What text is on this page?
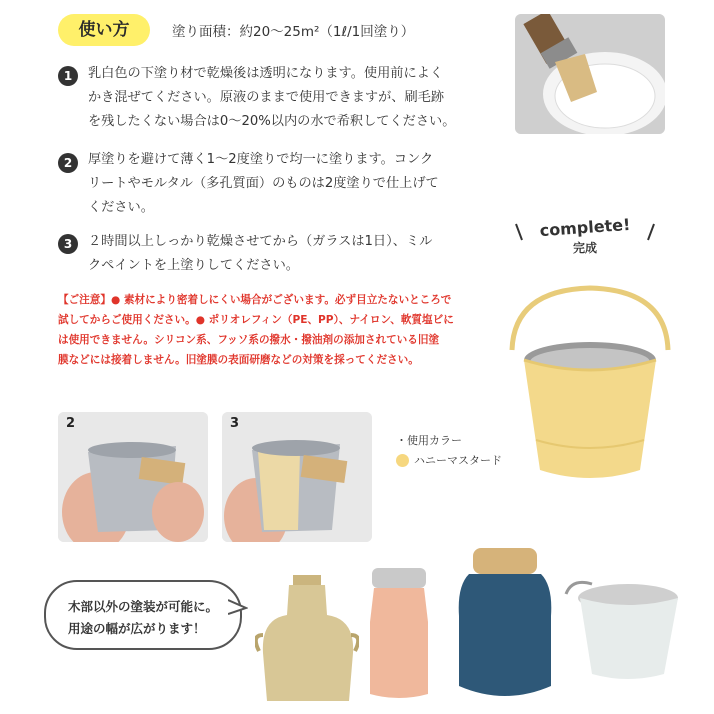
使い方	塗り面積：約20〜25m²（1ℓ/1回塗り）
1	乳白色の下塗り材で乾燥後は透明になります。使用前によく
かき混ぜてください。原液のままで使用できますが、刷毛跡
を残したくない場合は0〜20%以内の水で希釈してください。
2	厚塗りを避けて薄く1〜2度塗りで均一に塗ります。コンク
リートやモルタル（多孔質面）のものは2度塗りで仕上げて
ください。
3	２時間以上しっかり乾燥させてから（ガラスは1日）、ミル
クペイントを上塗りしてください。
【ご注意】● 素材により密着しにくい場合がございます。必ず目立たないところで
試してからご使用ください。● ポリオレフィン（PE、PP）、ナイロン、軟質塩ビに
は使用できません。シリコン系、フッソ系の撥水・撥油剤の添加されている旧塗
膜などには接着しません。旧塗膜の表面研磨などの対策を採ってください。
complete!
完成
・使用カラー
ハニーマスタード
2	3
木部以外の塗装が可能に。
用途の幅が広がります！
